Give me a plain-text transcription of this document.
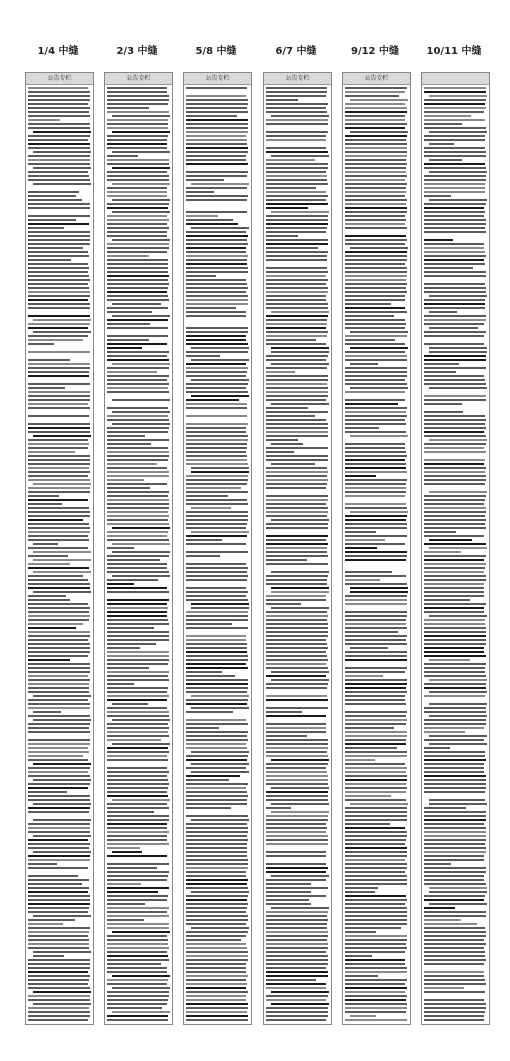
1/4 中缝	2/3 中缝	5/8 中缝	6/7 中缝	9/12 中缝	10/11 中缝
公告专栏	公告专栏	公告专栏	公告专栏	公告专栏
